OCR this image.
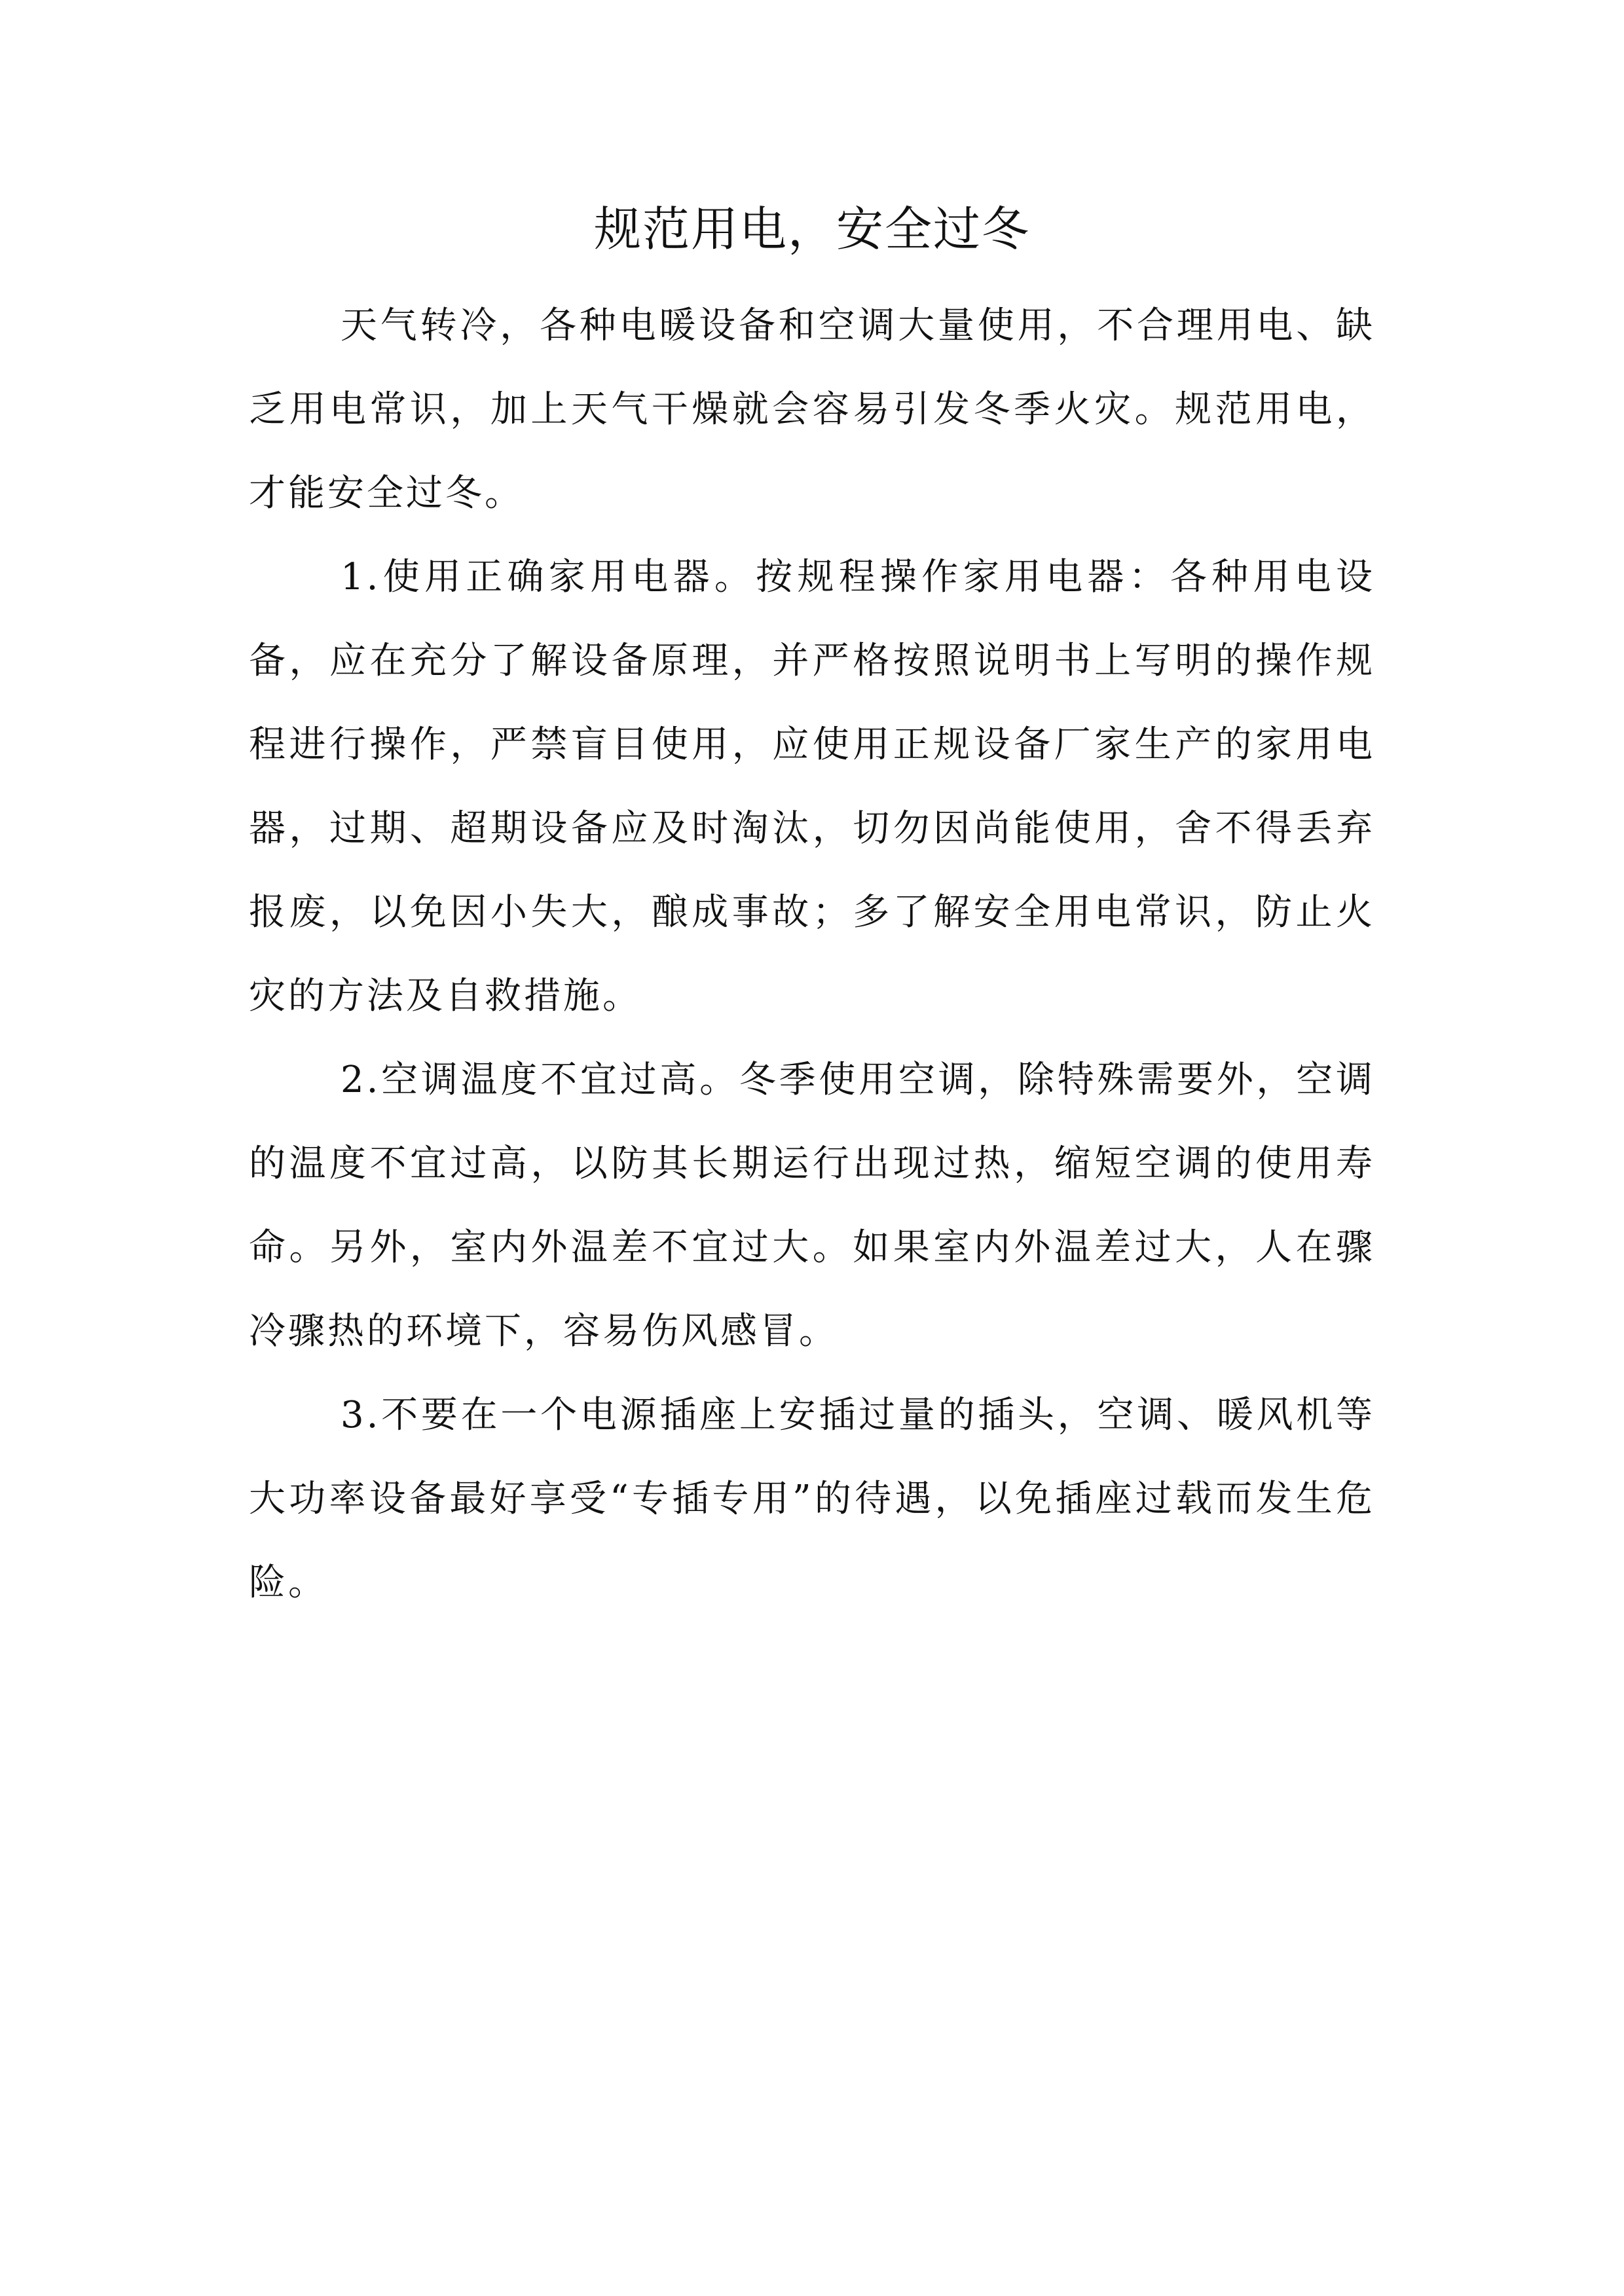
规范用电，安全过冬

天气转冷，各种电暖设备和空调大量使用，不合理用电、缺乏用电常识，加上天气干燥就会容易引发冬季火灾。规范用电，才能安全过冬。

1.使用正确家用电器。按规程操作家用电器：各种用电设备，应在充分了解设备原理，并严格按照说明书上写明的操作规程进行操作，严禁盲目使用，应使用正规设备厂家生产的家用电器，过期、超期设备应及时淘汰，切勿因尚能使用，舍不得丢弃报废，以免因小失大，酿成事故；多了解安全用电常识，防止火灾的方法及自救措施。

2.空调温度不宜过高。冬季使用空调，除特殊需要外，空调的温度不宜过高，以防其长期运行出现过热，缩短空调的使用寿命。另外，室内外温差不宜过大。如果室内外温差过大，人在骤冷骤热的环境下，容易伤风感冒。

3.不要在一个电源插座上安插过量的插头，空调、暖风机等大功率设备最好享受“专插专用”的待遇，以免插座过载而发生危险。
